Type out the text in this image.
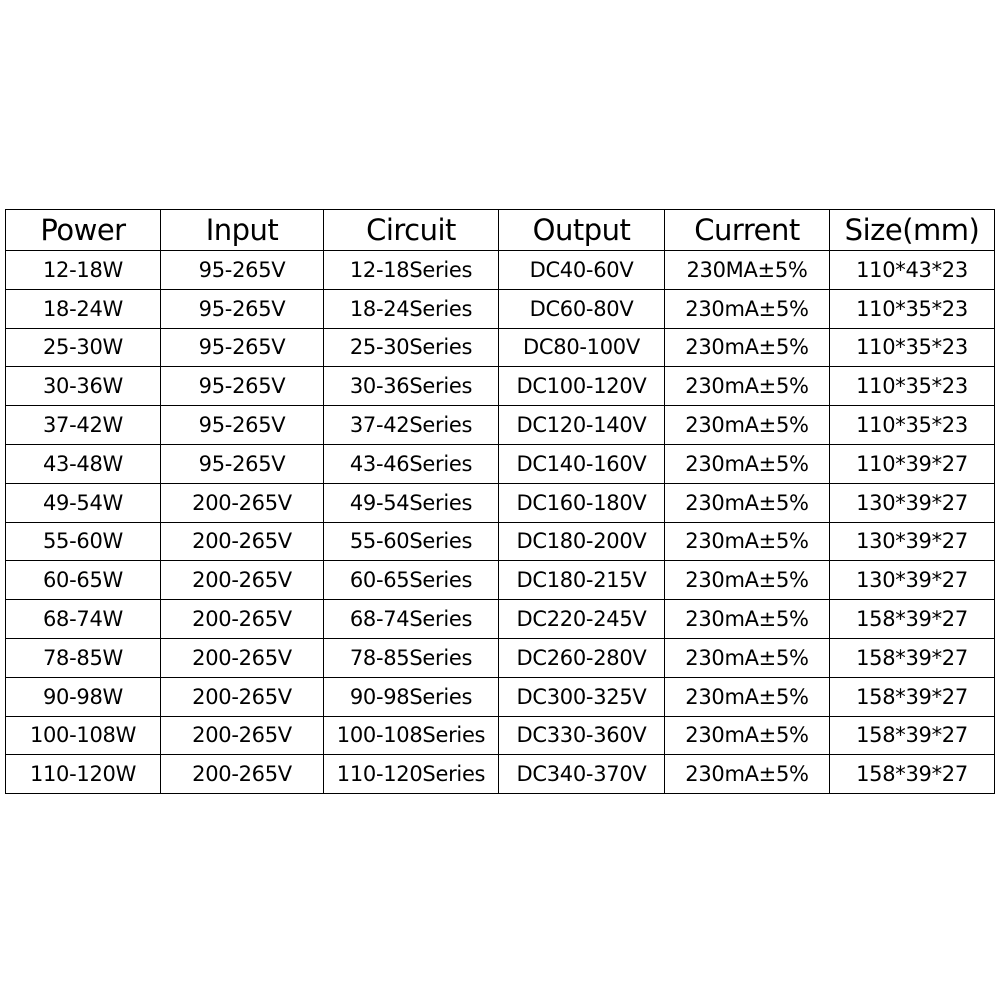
Power	Input	Circuit	Output	Current	Size(mm)
12-18W	95-265V	12-18Series	DC40-60V	230MA±5%	110*43*23
18-24W	95-265V	18-24Series	DC60-80V	230mA±5%	110*35*23
25-30W	95-265V	25-30Series	DC80-100V	230mA±5%	110*35*23
30-36W	95-265V	30-36Series	DC100-120V	230mA±5%	110*35*23
37-42W	95-265V	37-42Series	DC120-140V	230mA±5%	110*35*23
43-48W	95-265V	43-46Series	DC140-160V	230mA±5%	110*39*27
49-54W	200-265V	49-54Series	DC160-180V	230mA±5%	130*39*27
55-60W	200-265V	55-60Series	DC180-200V	230mA±5%	130*39*27
60-65W	200-265V	60-65Series	DC180-215V	230mA±5%	130*39*27
68-74W	200-265V	68-74Series	DC220-245V	230mA±5%	158*39*27
78-85W	200-265V	78-85Series	DC260-280V	230mA±5%	158*39*27
90-98W	200-265V	90-98Series	DC300-325V	230mA±5%	158*39*27
100-108W	200-265V	100-108Series	DC330-360V	230mA±5%	158*39*27
110-120W	200-265V	110-120Series	DC340-370V	230mA±5%	158*39*27
